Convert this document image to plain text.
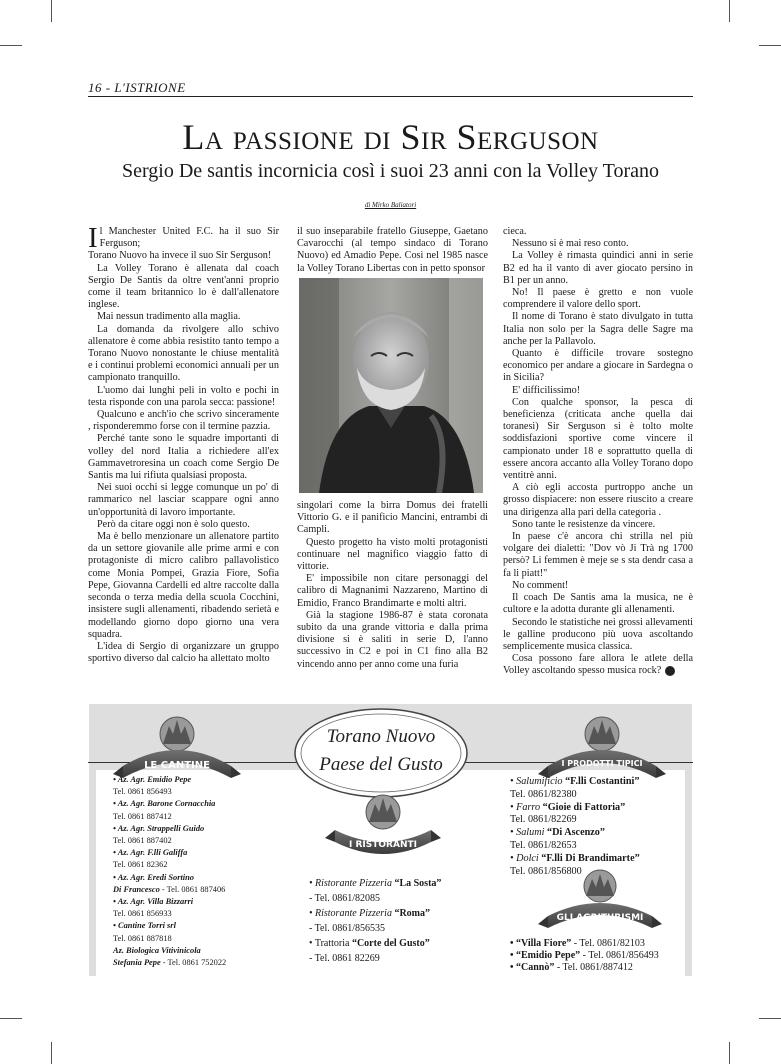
16 - L'ISTRIONE
La passione di Sir Serguson
Sergio De santis incornicia così i suoi 23 anni con la Volley Torano
di Mirko Baliatori

Il Manchester United F.C. ha il suo Sir Ferguson;

Torano Nuovo ha invece il suo Sir Serguson!

La Volley Torano è allenata dal coach Sergio De Santis da oltre vent'anni proprio come il team britannico lo è dall'allenatore inglese.

Mai nessun tradimento alla maglia.

La domanda da rivolgere allo schivo allenatore è come abbia resistito tanto tempo a Torano Nuovo nonostante le chiuse mentalità e i continui problemi economici annuali per un campionato tranquillo.

L'uomo dai lunghi peli in volto e pochi in testa risponde con una parola secca: passione!

Qualcuno e anch'io che scrivo sinceramente , risponderemmo forse con il termine pazzia.

Perché tante sono le squadre importanti di volley del nord Italia a richiedere all'ex Gammavetroresina un coach come Sergio De Santis ma lui rifiuta qualsiasi proposta.

Nei suoi occhi si legge comunque un po' di rammarico nel lasciar scappare ogni anno un'opportunità di lavoro importante.

Però da citare oggi non è solo questo.

Ma è bello menzionare un allenatore partito da un settore giovanile alle prime armi e con protagoniste di micro calibro pallavolistico come Monia Pompei, Grazia Fiore, Sofia Pepe, Giovanna Cardelli ed altre raccolte dalla seconda o terza media della scuola Cocchini, insistere sugli allenamenti, ribadendo serietà e modellando giorno dopo giorno una vera squadra.

L'idea di Sergio di organizzare un gruppo sportivo diverso dal calcio ha allettato molto

il suo inseparabile fratello Giuseppe, Gaetano Cavarocchi (al tempo sindaco di Torano Nuovo) ed Amadio Pepe. Così nel 1985 nasce la Volley Torano Libertas con in petto sponsor

singolari come la birra Domus dei fratelli Vittorio G. e il panificio Mancini, entrambi di Campli.

Questo progetto ha visto molti protagonisti continuare nel magnifico viaggio fatto di vittorie.

E' impossibile non citare personaggi del calibro di Magnanimi Nazzareno, Martino di Emidio, Franco Brandimarte e molti altri.

Già la stagione 1986-87 è stata coronata subito da una grande vittoria e dalla prima divisione si è saliti in serie D, l'anno successivo in C2 e poi in C1 fino alla B2 vincendo anno per anno come una furia

cieca.

Nessuno si è mai reso conto.

La Volley è rimasta quindici anni in serie B2 ed ha il vanto di aver giocato persino in B1 per un anno.

No! Il paese è gretto e non vuole comprendere il valore dello sport.

Il nome di Torano è stato divulgato in tutta Italia non solo per la Sagra delle Sagre ma anche per la Pallavolo.

Quanto è difficile trovare sostegno economico per andare a giocare in Sardegna o in Sicilia?

E' difficilissimo!

Con qualche sponsor, la pesca di beneficienza (criticata anche quella dai toranesi) Sir Serguson si è tolto molte soddisfazioni sportive come vincere il campionato under 18 e soprattutto quella di essere ancora accanto alla Volley Torano dopo ventitrè anni.

A ciò egli accosta purtroppo anche un grosso dispiacere: non essere riuscito a creare una dirigenza alla pari della categoria .

Sono tante le resistenze da vincere.

In paese c'è ancora chi strilla nel più volgare dei dialetti: "Dov vò Ji Trà ng 1700 persò? Li femmen è meje se s sta dendr casa a fa li piatt!"

No comment!

Il coach De Santis ama la musica, ne è cultore e la adotta durante gli allenamenti.

Secondo le statistiche nei grossi allevamenti le galline producono più uova ascoltando semplicemente musica classica.

Cosa possono fare allora le atlete della Volley ascoltando spesso musica rock? ✦

Torano Nuovo
Paese del Gusto
LE CANTINE	I PRODOTTI TIPICI
I RISTORANTI
GLI AGRITURISMI
• Az. Agr. Emidio Pepe
Tel. 0861 856493
• Az. Agr. Barone Cornacchia
Tel. 0861 887412
• Az. Agr. Strappelli Guido
Tel. 0861 887402
• Az. Agr. F.lli Galiffa
Tel. 0861 82362
• Az. Agr. Eredi Sortino
Di Francesco - Tel. 0861 887406
• Az. Agr. Villa Bizzarri
Tel. 0861 856933
• Cantine Torri srl
Tel. 0861 887818
Az. Biologica Vitivinicola
Stefania Pepe - Tel. 0861 752022
• Ristorante Pizzeria “La Sosta”
- Tel. 0861/82085
• Ristorante Pizzeria “Roma”
- Tel. 0861/856535
• Trattoria “Corte del Gusto”
- Tel. 0861 82269
• Salumificio “F.lli Costantini”
Tel. 0861/82380
• Farro “Gioie di Fattoria”
Tel. 0861/82269
• Salumi “Di Ascenzo”
Tel. 0861/82653
• Dolci “F.lli Di Brandimarte”
Tel. 0861/856800
• “Villa Fiore” - Tel. 0861/82103
• “Emidio Pepe” - Tel. 0861/856493
• “Cannò” - Tel. 0861/887412
